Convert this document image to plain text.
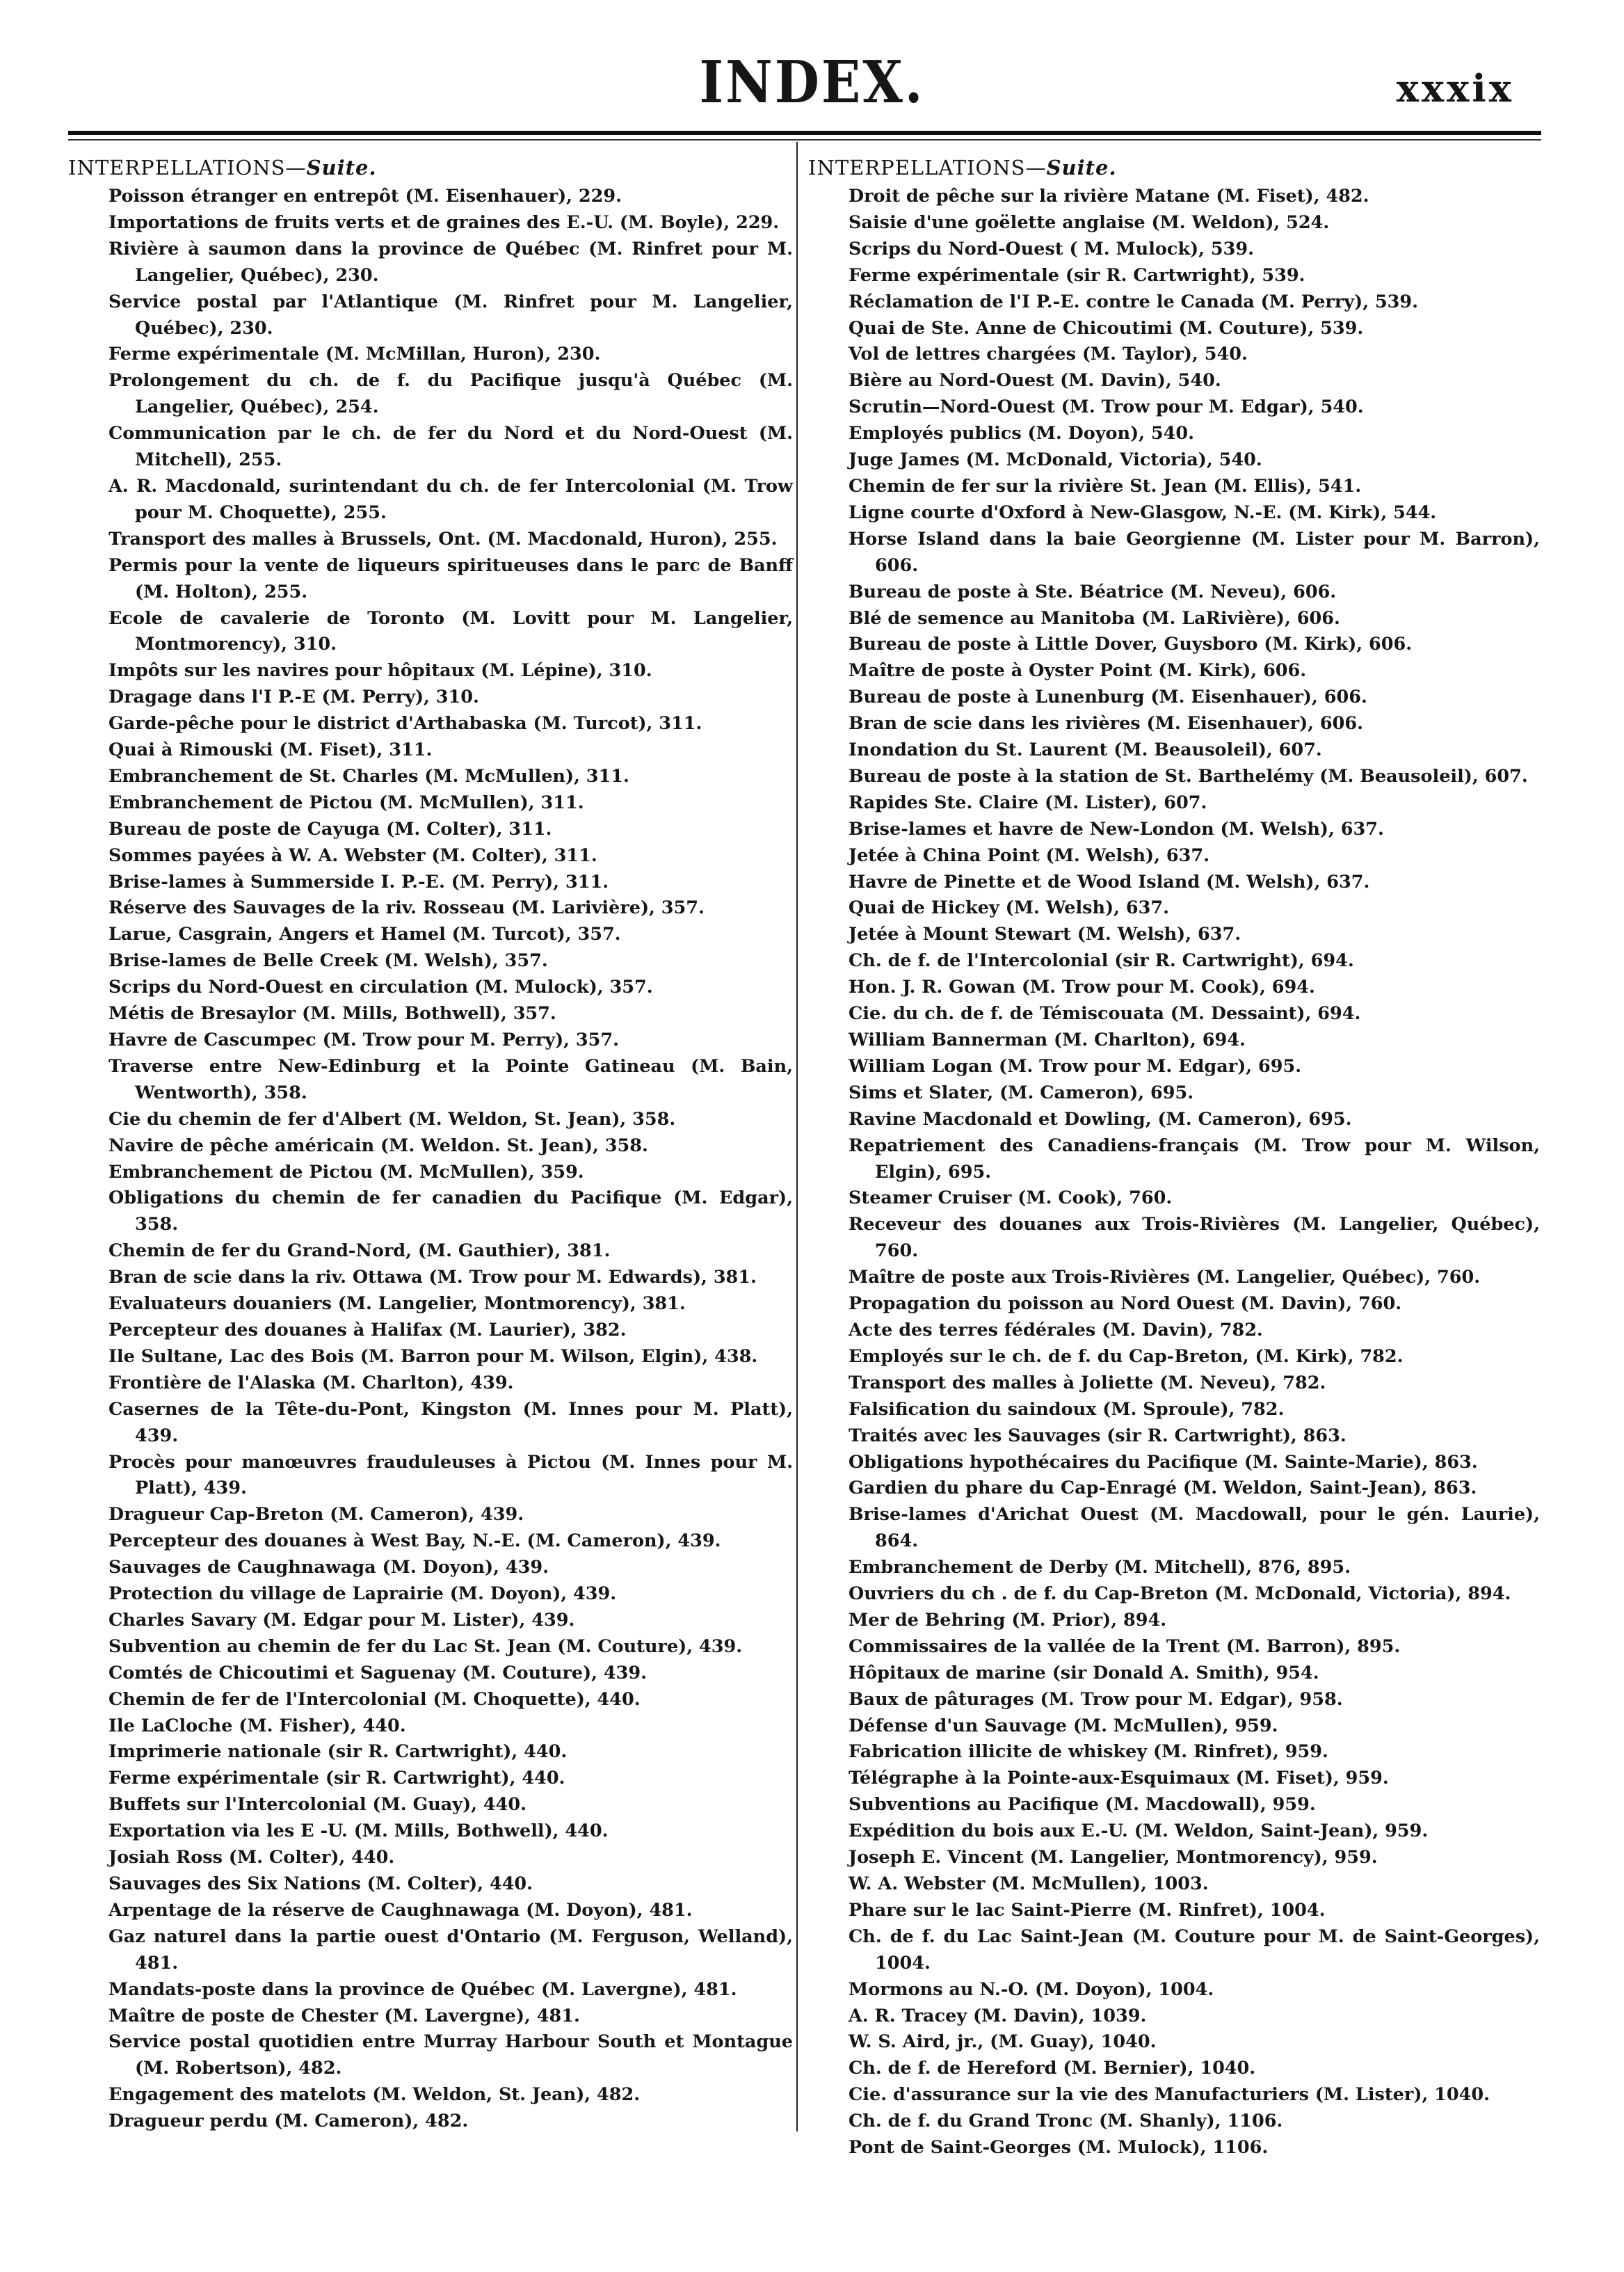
INDEX.	xxxix
INTERPELLATIONS—Suite.
Poisson étranger en entrepôt (M. Eisenhauer), 229.
Importations de fruits verts et de graines des E.-U. (M. Boyle), 229.
Rivière à saumon dans la province de Québec (M. Rinfret pour M. Langelier, Québec), 230.
Service postal par l'Atlantique (M. Rinfret pour M. Langelier, Québec), 230.
Ferme expérimentale (M. McMillan, Huron), 230.
Prolongement du ch. de f. du Pacifique jusqu'à Québec (M. Langelier, Québec), 254.
Communication par le ch. de fer du Nord et du Nord-Ouest (M. Mitchell), 255.
A. R. Macdonald, surintendant du ch. de fer Intercolonial (M. Trow pour M. Choquette), 255.
Transport des malles à Brussels, Ont. (M. Macdonald, Huron), 255.
Permis pour la vente de liqueurs spiritueuses dans le parc de Banff (M. Holton), 255.
Ecole de cavalerie de Toronto (M. Lovitt pour M. Langelier, Montmorency), 310.
Impôts sur les navires pour hôpitaux (M. Lépine), 310.
Dragage dans l'I P.-E (M. Perry), 310.
Garde-pêche pour le district d'Arthabaska (M. Turcot), 311.
Quai à Rimouski (M. Fiset), 311.
Embranchement de St. Charles (M. McMullen), 311.
Embranchement de Pictou (M. McMullen), 311.
Bureau de poste de Cayuga (M. Colter), 311.
Sommes payées à W. A. Webster (M. Colter), 311.
Brise-lames à Summerside I. P.-E. (M. Perry), 311.
Réserve des Sauvages de la riv. Rosseau (M. Larivière), 357.
Larue, Casgrain, Angers et Hamel (M. Turcot), 357.
Brise-lames de Belle Creek (M. Welsh), 357.
Scrips du Nord-Ouest en circulation (M. Mulock), 357.
Métis de Bresaylor (M. Mills, Bothwell), 357.
Havre de Cascumpec (M. Trow pour M. Perry), 357.
Traverse entre New-Edinburg et la Pointe Gatineau (M. Bain, Wentworth), 358.
Cie du chemin de fer d'Albert (M. Weldon, St. Jean), 358.
Navire de pêche américain (M. Weldon. St. Jean), 358.
Embranchement de Pictou (M. McMullen), 359.
Obligations du chemin de fer canadien du Pacifique (M. Edgar), 358.
Chemin de fer du Grand-Nord, (M. Gauthier), 381.
Bran de scie dans la riv. Ottawa (M. Trow pour M. Edwards), 381.
Evaluateurs douaniers (M. Langelier, Montmorency), 381.
Percepteur des douanes à Halifax (M. Laurier), 382.
Ile Sultane, Lac des Bois (M. Barron pour M. Wilson, Elgin), 438.
Frontière de l'Alaska (M. Charlton), 439.
Casernes de la Tête-du-Pont, Kingston (M. Innes pour M. Platt), 439.
Procès pour manœuvres frauduleuses à Pictou (M. Innes pour M. Platt), 439.
Dragueur Cap-Breton (M. Cameron), 439.
Percepteur des douanes à West Bay, N.-E. (M. Cameron), 439.
Sauvages de Caughnawaga (M. Doyon), 439.
Protection du village de Laprairie (M. Doyon), 439.
Charles Savary (M. Edgar pour M. Lister), 439.
Subvention au chemin de fer du Lac St. Jean (M. Couture), 439.
Comtés de Chicoutimi et Saguenay (M. Couture), 439.
Chemin de fer de l'Intercolonial (M. Choquette), 440.
Ile LaCloche (M. Fisher), 440.
Imprimerie nationale (sir R. Cartwright), 440.
Ferme expérimentale (sir R. Cartwright), 440.
Buffets sur l'Intercolonial (M. Guay), 440.
Exportation via les E -U. (M. Mills, Bothwell), 440.
Josiah Ross (M. Colter), 440.
Sauvages des Six Nations (M. Colter), 440.
Arpentage de la réserve de Caughnawaga (M. Doyon), 481.
Gaz naturel dans la partie ouest d'Ontario (M. Ferguson, Welland), 481.
Mandats-poste dans la province de Québec (M. Lavergne), 481.
Maître de poste de Chester (M. Lavergne), 481.
Service postal quotidien entre Murray Harbour South et Montague (M. Robertson), 482.
Engagement des matelots (M. Weldon, St. Jean), 482.
Dragueur perdu (M. Cameron), 482.
INTERPELLATIONS—Suite.
Droit de pêche sur la rivière Matane (M. Fiset), 482.
Saisie d'une goëlette anglaise (M. Weldon), 524.
Scrips du Nord-Ouest ( M. Mulock), 539.
Ferme expérimentale (sir R. Cartwright), 539.
Réclamation de l'I P.-E. contre le Canada (M. Perry), 539.
Quai de Ste. Anne de Chicoutimi (M. Couture), 539.
Vol de lettres chargées (M. Taylor), 540.
Bière au Nord-Ouest (M. Davin), 540.
Scrutin—Nord-Ouest (M. Trow pour M. Edgar), 540.
Employés publics (M. Doyon), 540.
Juge James (M. McDonald, Victoria), 540.
Chemin de fer sur la rivière St. Jean (M. Ellis), 541.
Ligne courte d'Oxford à New-Glasgow, N.-E. (M. Kirk), 544.
Horse Island dans la baie Georgienne (M. Lister pour M. Barron), 606.
Bureau de poste à Ste. Béatrice (M. Neveu), 606.
Blé de semence au Manitoba (M. LaRivière), 606.
Bureau de poste à Little Dover, Guysboro (M. Kirk), 606.
Maître de poste à Oyster Point (M. Kirk), 606.
Bureau de poste à Lunenburg (M. Eisenhauer), 606.
Bran de scie dans les rivières (M. Eisenhauer), 606.
Inondation du St. Laurent (M. Beausoleil), 607.
Bureau de poste à la station de St. Barthelémy (M. Beausoleil), 607.
Rapides Ste. Claire (M. Lister), 607.
Brise-lames et havre de New-London (M. Welsh), 637.
Jetée à China Point (M. Welsh), 637.
Havre de Pinette et de Wood Island (M. Welsh), 637.
Quai de Hickey (M. Welsh), 637.
Jetée à Mount Stewart (M. Welsh), 637.
Ch. de f. de l'Intercolonial (sir R. Cartwright), 694.
Hon. J. R. Gowan (M. Trow pour M. Cook), 694.
Cie. du ch. de f. de Témiscouata (M. Dessaint), 694.
William Bannerman (M. Charlton), 694.
William Logan (M. Trow pour M. Edgar), 695.
Sims et Slater, (M. Cameron), 695.
Ravine Macdonald et Dowling, (M. Cameron), 695.
Repatriement des Canadiens-français (M. Trow pour M. Wilson, Elgin), 695.
Steamer Cruiser (M. Cook), 760.
Receveur des douanes aux Trois-Rivières (M. Langelier, Québec), 760.
Maître de poste aux Trois-Rivières (M. Langelier, Québec), 760.
Propagation du poisson au Nord Ouest (M. Davin), 760.
Acte des terres fédérales (M. Davin), 782.
Employés sur le ch. de f. du Cap-Breton, (M. Kirk), 782.
Transport des malles à Joliette (M. Neveu), 782.
Falsification du saindoux (M. Sproule), 782.
Traités avec les Sauvages (sir R. Cartwright), 863.
Obligations hypothécaires du Pacifique (M. Sainte-Marie), 863.
Gardien du phare du Cap-Enragé (M. Weldon, Saint-Jean), 863.
Brise-lames d'Arichat Ouest (M. Macdowall, pour le gén. Laurie), 864.
Embranchement de Derby (M. Mitchell), 876, 895.
Ouvriers du ch . de f. du Cap-Breton (M. McDonald, Victoria), 894.
Mer de Behring (M. Prior), 894.
Commissaires de la vallée de la Trent (M. Barron), 895.
Hôpitaux de marine (sir Donald A. Smith), 954.
Baux de pâturages (M. Trow pour M. Edgar), 958.
Défense d'un Sauvage (M. McMullen), 959.
Fabrication illicite de whiskey (M. Rinfret), 959.
Télégraphe à la Pointe-aux-Esquimaux (M. Fiset), 959.
Subventions au Pacifique (M. Macdowall), 959.
Expédition du bois aux E.-U. (M. Weldon, Saint-Jean), 959.
Joseph E. Vincent (M. Langelier, Montmorency), 959.
W. A. Webster (M. McMullen), 1003.
Phare sur le lac Saint-Pierre (M. Rinfret), 1004.
Ch. de f. du Lac Saint-Jean (M. Couture pour M. de Saint-Georges), 1004.
Mormons au N.-O. (M. Doyon), 1004.
A. R. Tracey (M. Davin), 1039.
W. S. Aird, jr., (M. Guay), 1040.
Ch. de f. de Hereford (M. Bernier), 1040.
Cie. d'assurance sur la vie des Manufacturiers (M. Lister), 1040.
Ch. de f. du Grand Tronc (M. Shanly), 1106.
Pont de Saint-Georges (M. Mulock), 1106.
